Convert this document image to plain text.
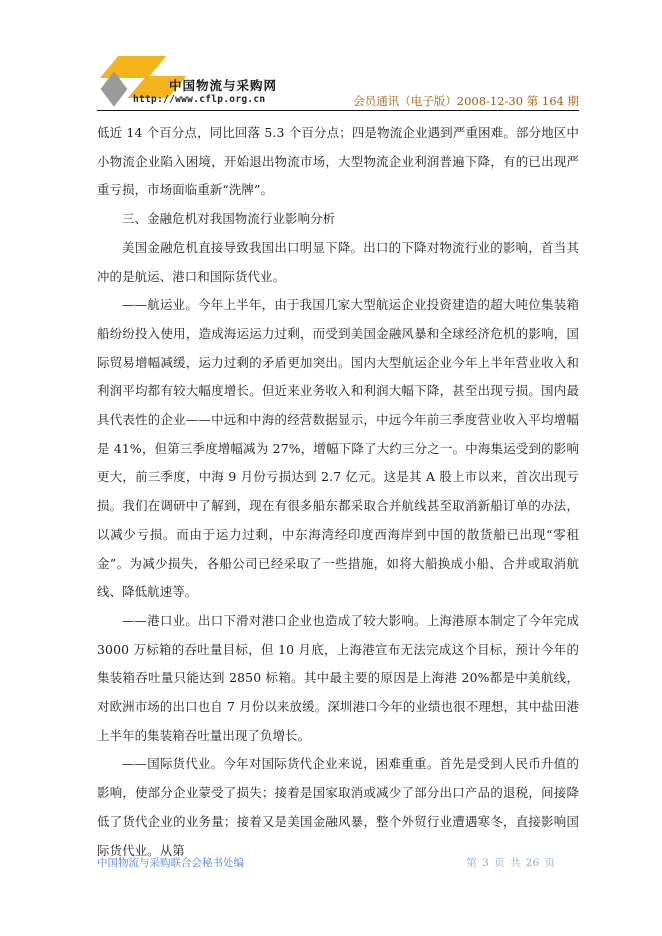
中国物流与采购网
http://www.cflp.org.cn	会员通讯（电子版）2008-12-30 第 164 期

低近 14 个百分点，同比回落 5.3 个百分点；四是物流企业遇到严重困难。部分地区中小物流企业陷入困境，开始退出物流市场，大型物流企业利润普遍下降，有的已出现严重亏损，市场面临重新“洗牌”。

三、金融危机对我国物流行业影响分析

美国金融危机直接导致我国出口明显下降。出口的下降对物流行业的影响，首当其冲的是航运、港口和国际货代业。

——航运业。今年上半年，由于我国几家大型航运企业投资建造的超大吨位集装箱船纷纷投入使用，造成海运运力过剩，而受到美国金融风暴和全球经济危机的影响，国际贸易增幅减缓，运力过剩的矛盾更加突出。国内大型航运企业今年上半年营业收入和利润平均都有较大幅度增长。但近来业务收入和利润大幅下降，甚至出现亏损。国内最具代表性的企业——中远和中海的经营数据显示，中远今年前三季度营业收入平均增幅是 41%，但第三季度增幅减为 27%，增幅下降了大约三分之一。中海集运受到的影响更大，前三季度，中海 9 月份亏损达到 2.7 亿元。这是其 A 股上市以来，首次出现亏损。我们在调研中了解到，现在有很多船东都采取合并航线甚至取消新船订单的办法，以减少亏损。而由于运力过剩，中东海湾经印度西海岸到中国的散货船已出现“零租金”。为减少损失，各船公司已经采取了一些措施，如将大船换成小船、合并或取消航线、降低航速等。

——港口业。出口下滑对港口企业也造成了较大影响。上海港原本制定了今年完成 3000 万标箱的吞吐量目标，但 10 月底，上海港宣布无法完成这个目标，预计今年的集装箱吞吐量只能达到 2850 标箱。其中最主要的原因是上海港 20%都是中美航线，对欧洲市场的出口也自 7 月份以来放缓。深圳港口今年的业绩也很不理想，其中盐田港上半年的集装箱吞吐量出现了负增长。

——国际货代业。今年对国际货代企业来说，困难重重。首先是受到人民币升值的影响，使部分企业蒙受了损失；接着是国家取消或减少了部分出口产品的退税，间接降低了货代企业的业务量；接着又是美国金融风暴，整个外贸行业遭遇寒冬，直接影响国际货代业。从第

中国物流与采购联合会秘书处编	第 3 页 共 26 页
